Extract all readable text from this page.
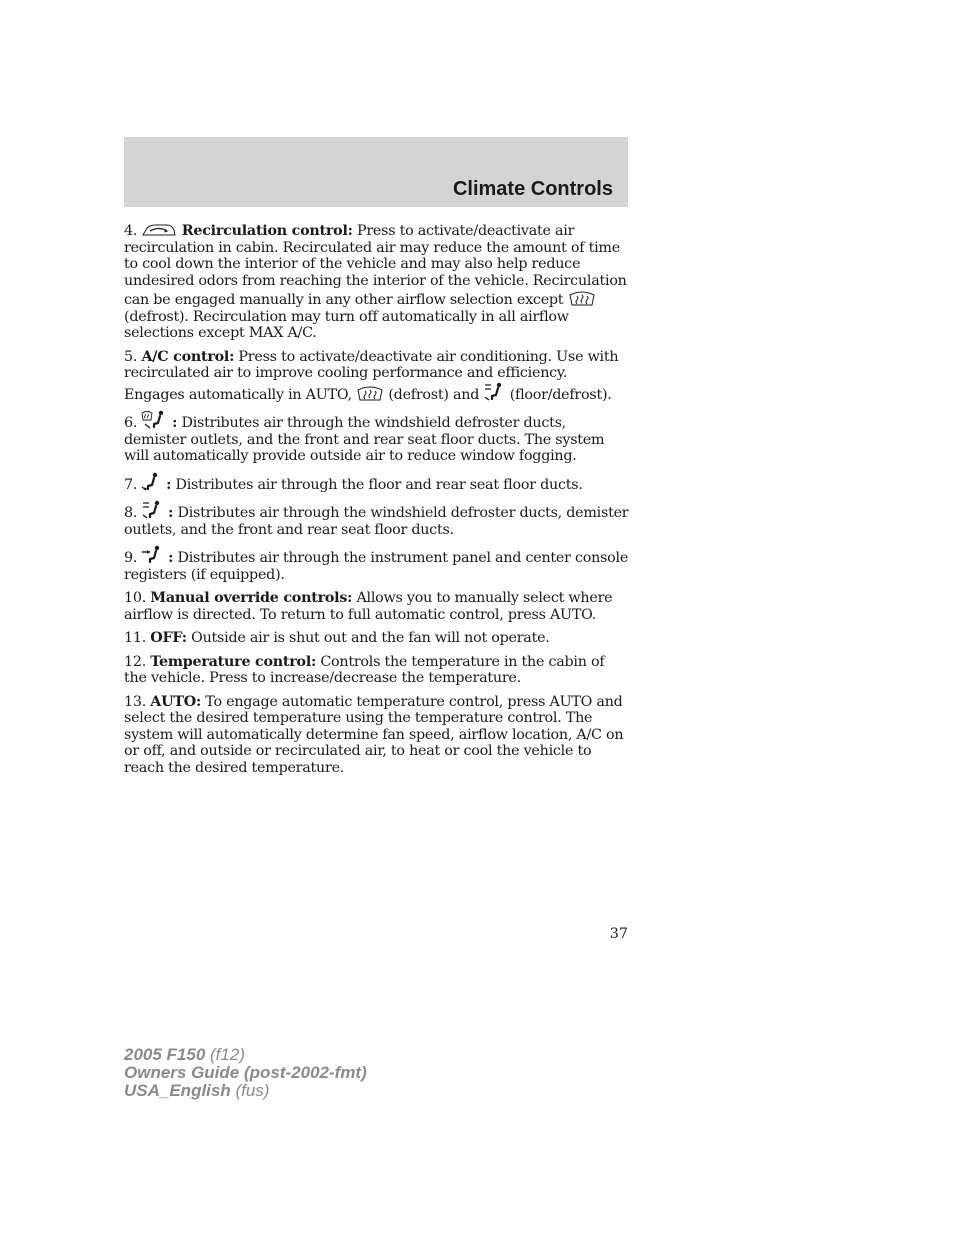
Climate Controls

4.	Recirculation control: Press to activate/deactivate air recirculation in cabin. Recirculated air may reduce the amount of time to cool down the interior of the vehicle and may also help reduce undesired odors from reaching the interior of the vehicle. Recirculation can be engaged manually in any other airflow selection except
(defrost). Recirculation may turn off automatically in all airflow selections except MAX A/C.

5. A/C control: Press to activate/deactivate air conditioning. Use with recirculated air to improve cooling performance and efficiency. Engages automatically in AUTO,
(defrost) and
(floor/defrost).

6.
: Distributes air through the windshield defroster ducts, demister outlets, and the front and rear seat floor ducts. The system will automatically provide outside air to reduce window fogging.

7.
: Distributes air through the floor and rear seat floor ducts.

8.
: Distributes air through the windshield defroster ducts, demister outlets, and the front and rear seat floor ducts.

9.
: Distributes air through the instrument panel and center console registers (if equipped).

10. Manual override controls: Allows you to manually select where airflow is directed. To return to full automatic control, press AUTO.

11. OFF: Outside air is shut out and the fan will not operate.

12. Temperature control: Controls the temperature in the cabin of the vehicle. Press to increase/decrease the temperature.

13. AUTO: To engage automatic temperature control, press AUTO and select the desired temperature using the temperature control. The system will automatically determine fan speed, airflow location, A/C on or off, and outside or recirculated air, to heat or cool the vehicle to reach the desired temperature.

37
2005 F150 (f12)
Owners Guide (post-2002-fmt)
USA_English (fus)
